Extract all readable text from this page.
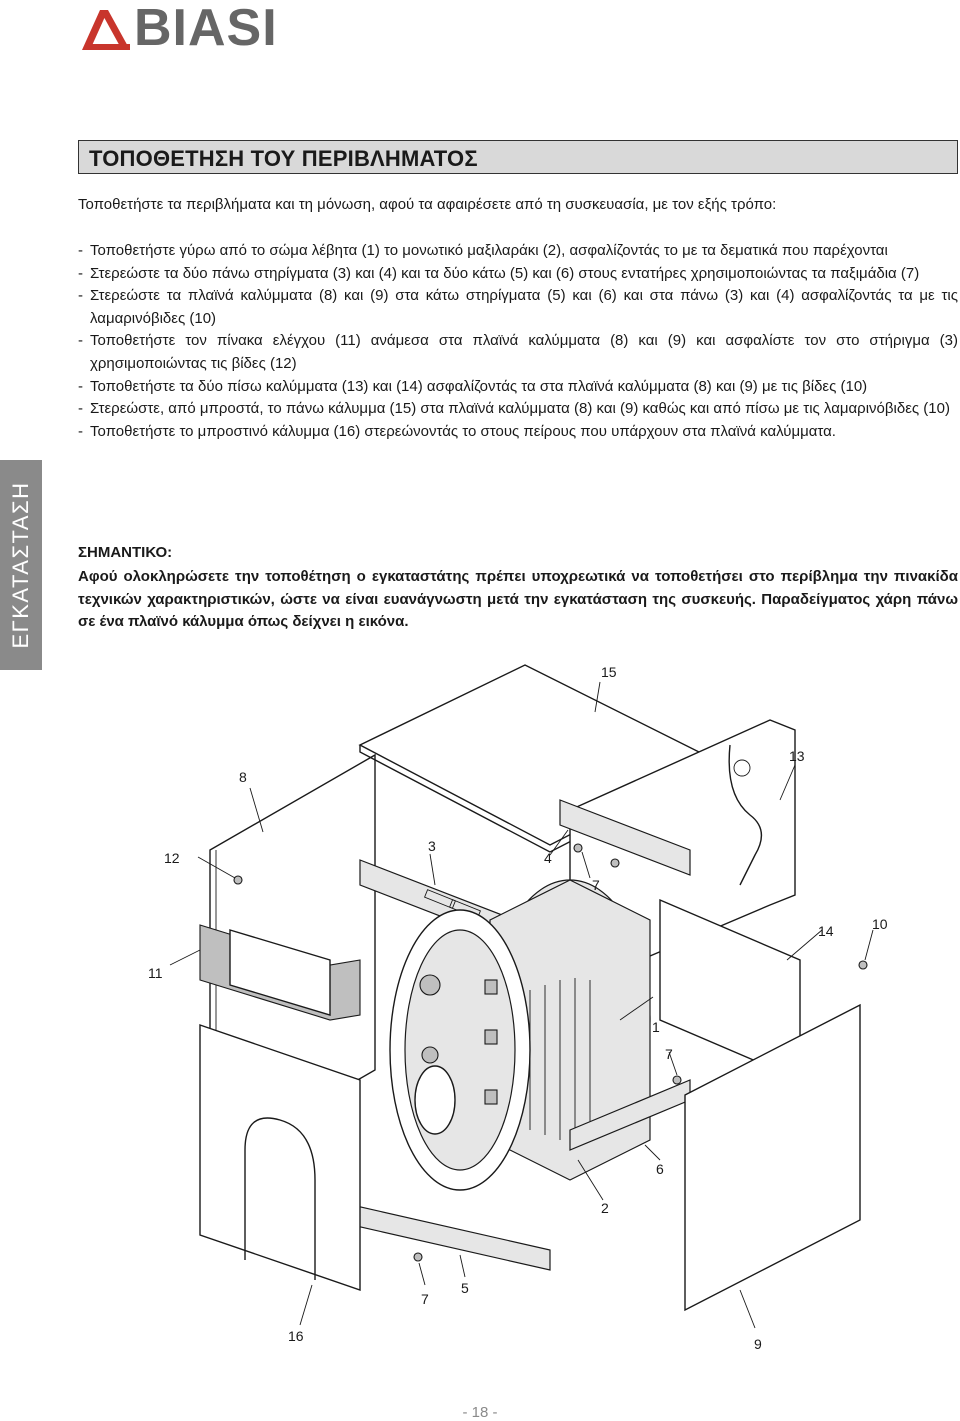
BIASI
ΤΟΠΟΘΕΤΗΣΗ ΤΟΥ ΠΕΡΙΒΛΗΜΑΤΟΣ
ΕΓΚΑΤΑΣΤΑΣΗ
Τοποθετήστε τα περιβλήματα και τη μόνωση, αφού τα αφαιρέσετε από τη συσκευασία, με τον εξής τρόπο:
- Τοποθετήστε γύρω από το σώμα λέβητα (1) το μονωτικό μαξιλαράκι (2), ασφαλίζοντάς το με τα δεματικά που παρέχονται
- Στερεώστε τα δύο πάνω στηρίγματα (3) και (4) και τα δύο κάτω (5) και (6) στους εντατήρες χρησιμοποιώντας τα παξιμάδια (7)
- Στερεώστε τα πλαϊνά καλύμματα (8) και (9) στα κάτω στηρίγματα (5) και (6) και στα πάνω (3) και (4) ασφαλίζοντάς τα με τις λαμαρινόβιδες (10)
- Τοποθετήστε τον πίνακα ελέγχου (11) ανάμεσα στα πλαϊνά καλύμματα (8) και (9) και ασφαλίστε τον στο στήριγμα (3) χρησιμοποιώντας τις βίδες (12)
- Τοποθετήστε τα δύο πίσω καλύμματα (13) και (14) ασφαλίζοντάς τα στα πλαϊνά καλύμματα (8) και (9) με τις βίδες (10)
- Στερεώστε, από μπροστά, το πάνω κάλυμμα (15) στα πλαϊνά καλύμματα (8) και (9) καθώς και από πίσω με τις λαμαρινόβιδες (10)
- Τοποθετήστε το μπροστινό κάλυμμα (16) στερεώνοντάς το στους πείρους που υπάρχουν στα πλαϊνά καλύμματα.
ΣΗΜΑΝΤΙΚΟ:
Αφού ολοκληρώσετε την τοποθέτηση ο εγκαταστάτης πρέπει υποχρεωτικά να τοποθετήσει στο περίβλημα την πινακίδα τεχνικών χαρακτηριστικών, ώστε να είναι ευανάγνωστη μετά την εγκατάσταση της συσκευής. Παραδείγματος χάρη πάνω σε ένα πλαϊνό κάλυμμα όπως δείχνει η εικόνα.
15
13
8
3
4
12
7
14	10
11
1
7
6
2
7
5
16	9
- 18 -
